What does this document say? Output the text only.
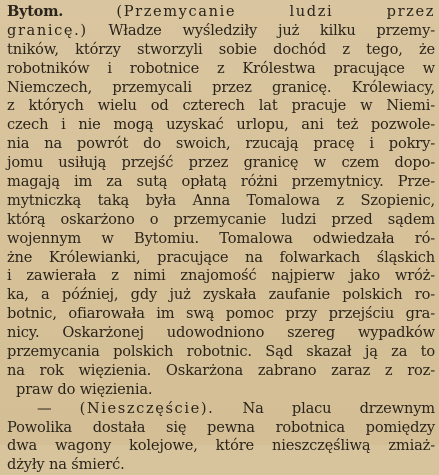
Bytom. (Przemycanie ludzi przez
granicę.) Władze wyśledziły już kilku przemy-
tników, którzy stworzyli sobie dochód z tego, że
robotników i robotnice z Królestwa pracujące w
Niemczech, przemycali przez granicę. Królewiacy,
z których wielu od czterech lat pracuje w Niemi-
czech i nie mogą uzyskać urlopu, ani też pozwole-
nia na powrót do swoich, rzucają pracę i pokry-
jomu usiłują przejść przez granicę w czem dopo-
magają im za sutą opłatą różni przemytnicy. Prze-
mytniczką taką była Anna Tomalowa z Szopienic,
którą oskarżono o przemycanie ludzi przed sądem
wojennym w Bytomiu. Tomalowa odwiedzała ró-
żne Królewianki, pracujące na folwarkach śląskich
i zawierała z nimi znajomość najpierw jako wróż-
ka, a później, gdy już zyskała zaufanie polskich ro-
botnic, ofiarowała im swą pomoc przy przejściu gra-
nicy. Oskarżonej udowodniono szereg wypadków
przemycania polskich robotnic. Sąd skazał ją za to
na rok więzienia. Oskarżona zabrano zaraz z roz-
praw do więzienia.
— (Nieszczęście). Na placu drzewnym
Powolika dostała się pewna robotnica pomiędzy
dwa wagony kolejowe, które nieszczęśliwą zmiaż-
dżyły na śmierć.
